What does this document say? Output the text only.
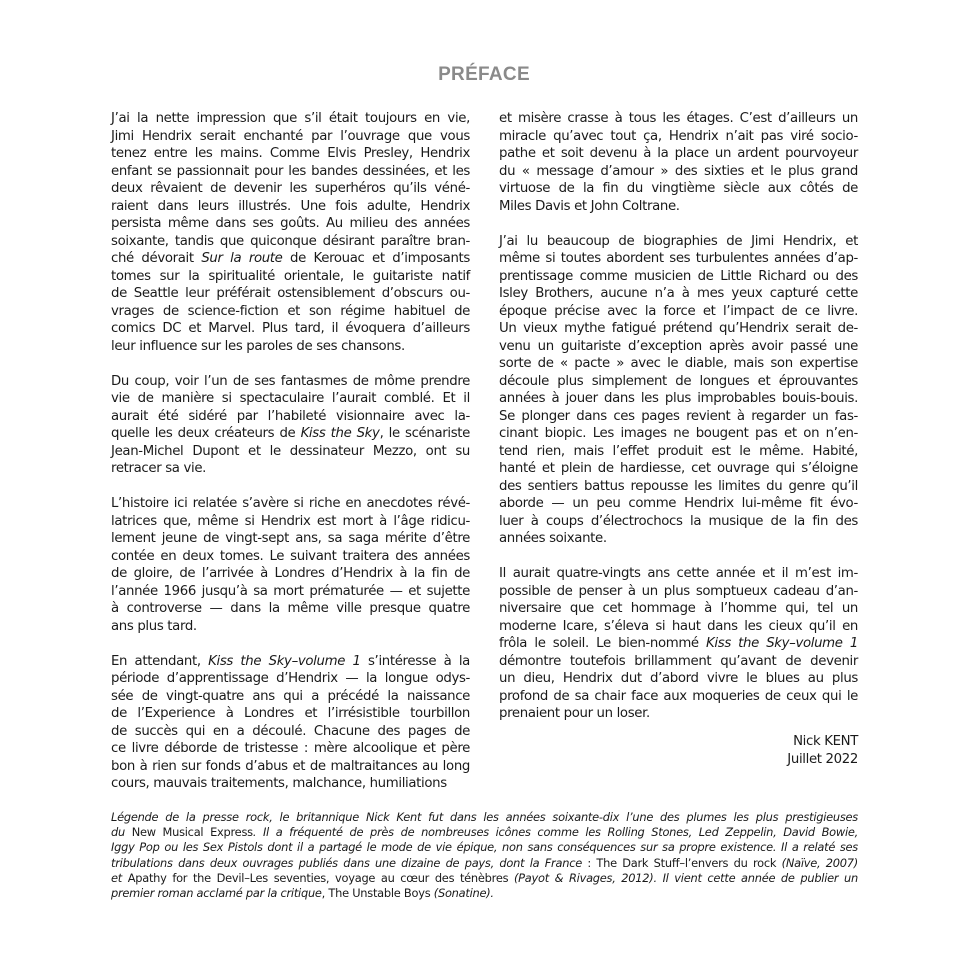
PRÉFACE
J’ai la nette impression que s’il était toujours en vie,
Jimi Hendrix serait enchanté par l’ouvrage que vous
tenez entre les mains. Comme Elvis Presley, Hendrix
enfant se passionnait pour les bandes dessinées, et les
deux rêvaient de devenir les superhéros qu’ils véné-
raient dans leurs illustrés. Une fois adulte, Hendrix
persista même dans ses goûts. Au milieu des années
soixante, tandis que quiconque désirant paraître bran-
ché dévorait Sur la route de Kerouac et d’imposants
tomes sur la spiritualité orientale, le guitariste natif
de Seattle leur préférait ostensiblement d’obscurs ou-
vrages de science-fiction et son régime habituel de
comics DC et Marvel. Plus tard, il évoquera d’ailleurs
leur influence sur les paroles de ses chansons.
Du coup, voir l’un de ses fantasmes de môme prendre
vie de manière si spectaculaire l’aurait comblé. Et il
aurait été sidéré par l’habileté visionnaire avec la-
quelle les deux créateurs de Kiss the Sky, le scénariste
Jean-Michel Dupont et le dessinateur Mezzo, ont su
retracer sa vie.
L’histoire ici relatée s’avère si riche en anecdotes révé-
latrices que, même si Hendrix est mort à l’âge ridicu-
lement jeune de vingt-sept ans, sa saga mérite d’être
contée en deux tomes. Le suivant traitera des années
de gloire, de l’arrivée à Londres d’Hendrix à la fin de
l’année 1966 jusqu’à sa mort prématurée — et sujette
à controverse — dans la même ville presque quatre
ans plus tard.
En attendant, Kiss the Sky–volume 1 s’intéresse à la
période d’apprentissage d’Hendrix — la longue odys-
sée de vingt-quatre ans qui a précédé la naissance
de l’Experience à Londres et l’irrésistible tourbillon
de succès qui en a découlé. Chacune des pages de
ce livre déborde de tristesse : mère alcoolique et père
bon à rien sur fonds d’abus et de maltraitances au long
cours, mauvais traitements, malchance, humiliations
et misère crasse à tous les étages. C’est d’ailleurs un
miracle qu’avec tout ça, Hendrix n’ait pas viré socio-
pathe et soit devenu à la place un ardent pourvoyeur
du « message d’amour » des sixties et le plus grand
virtuose de la fin du vingtième siècle aux côtés de
Miles Davis et John Coltrane.
J’ai lu beaucoup de biographies de Jimi Hendrix, et
même si toutes abordent ses turbulentes années d’ap-
prentissage comme musicien de Little Richard ou des
Isley Brothers, aucune n’a à mes yeux capturé cette
époque précise avec la force et l’impact de ce livre.
Un vieux mythe fatigué prétend qu’Hendrix serait de-
venu un guitariste d’exception après avoir passé une
sorte de « pacte » avec le diable, mais son expertise
découle plus simplement de longues et éprouvantes
années à jouer dans les plus improbables bouis-bouis.
Se plonger dans ces pages revient à regarder un fas-
cinant biopic. Les images ne bougent pas et on n’en-
tend rien, mais l’effet produit est le même. Habité,
hanté et plein de hardiesse, cet ouvrage qui s’éloigne
des sentiers battus repousse les limites du genre qu’il
aborde — un peu comme Hendrix lui-même fit évo-
luer à coups d’électrochocs la musique de la fin des
années soixante.
Il aurait quatre-vingts ans cette année et il m’est im-
possible de penser à un plus somptueux cadeau d’an-
niversaire que cet hommage à l’homme qui, tel un
moderne Icare, s’éleva si haut dans les cieux qu’il en
frôla le soleil. Le bien-nommé Kiss the Sky–volume 1
démontre toutefois brillamment qu’avant de devenir
un dieu, Hendrix dut d’abord vivre le blues au plus
profond de sa chair face aux moqueries de ceux qui le
prenaient pour un loser.
Nick KENT
Juillet 2022
Légende de la presse rock, le britannique Nick Kent fut dans les années soixante-dix l’une des plumes les plus prestigieuses
du New Musical Express. Il a fréquenté de près de nombreuses icônes comme les Rolling Stones, Led Zeppelin, David Bowie,
Iggy Pop ou les Sex Pistols dont il a partagé le mode de vie épique, non sans conséquences sur sa propre existence. Il a relaté ses
tribulations dans deux ouvrages publiés dans une dizaine de pays, dont la France : The Dark Stuff–l’envers du rock (Naïve, 2007)
et Apathy for the Devil–Les seventies, voyage au cœur des ténèbres (Payot & Rivages, 2012). Il vient cette année de publier un
premier roman acclamé par la critique, The Unstable Boys (Sonatine).
